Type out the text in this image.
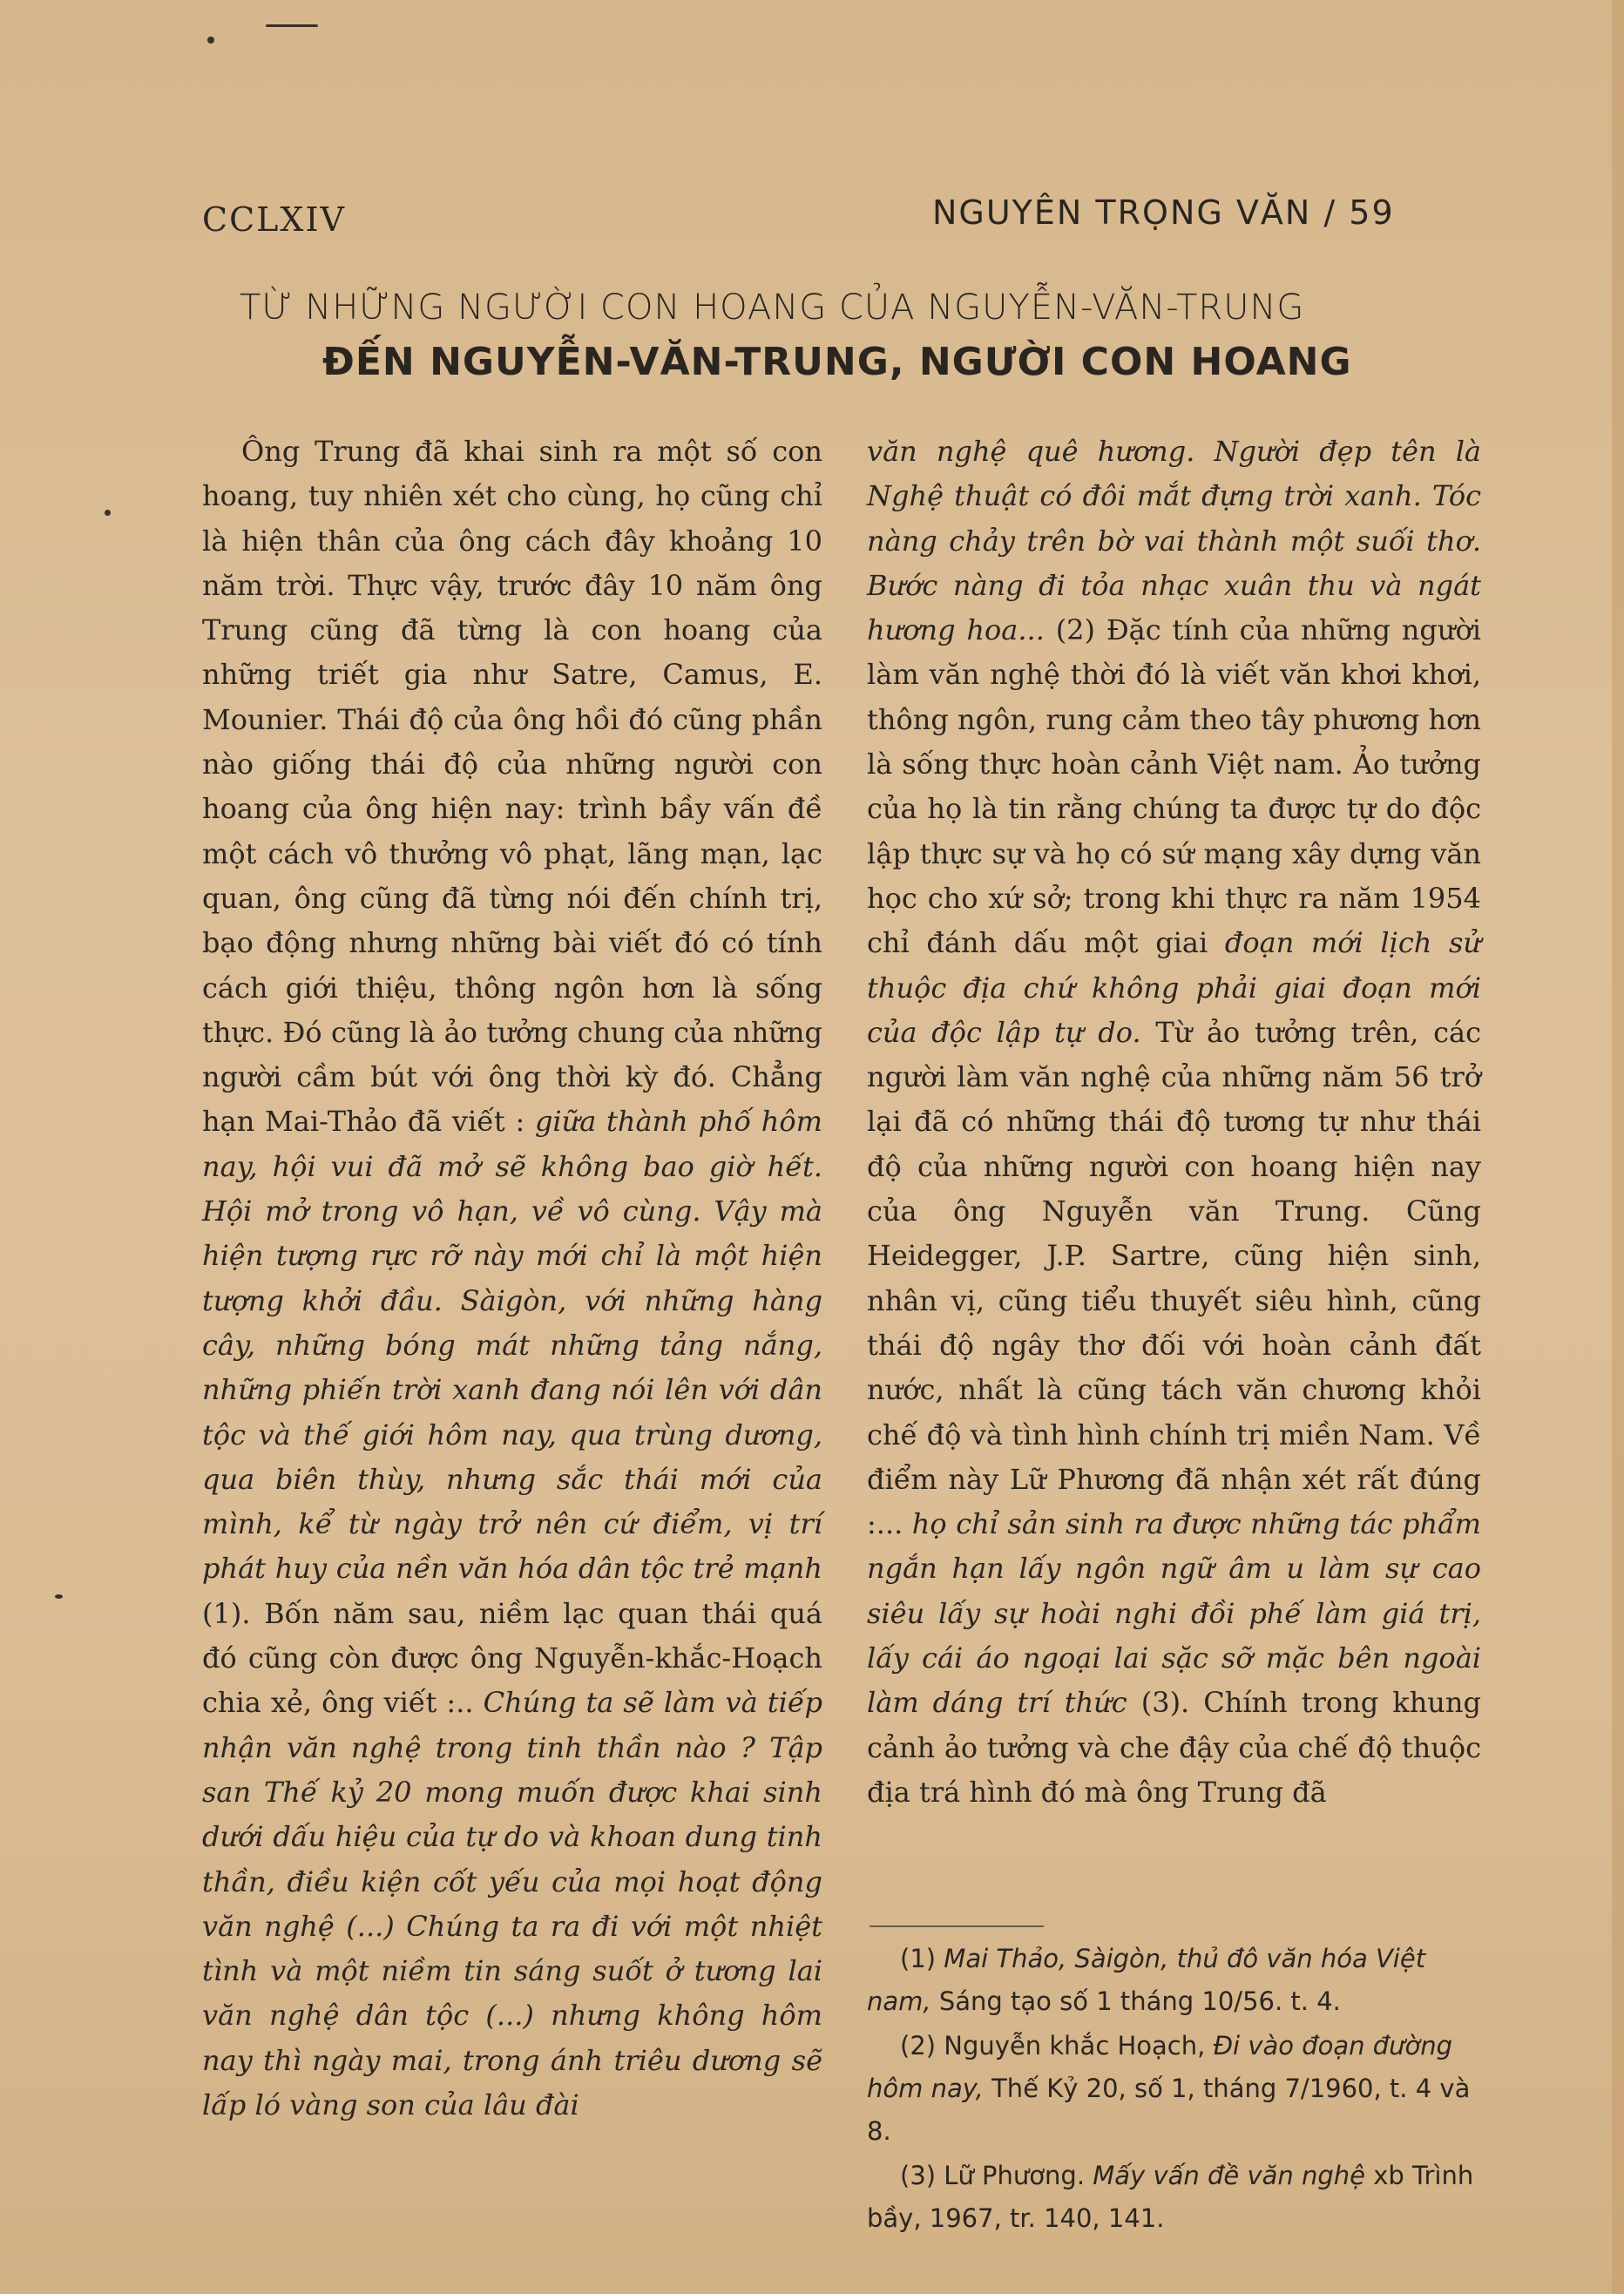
CCLXIV	NGUYÊN TRỌNG VĂN / 59
TỪ NHỮNG NGƯỜI CON HOANG CỦA NGUYỄN-VĂN-TRUNG
ĐẾN NGUYỄN-VĂN-TRUNG, NGƯỜI CON HOANG

Ông Trung đã khai sinh ra một số con hoang, tuy nhiên xét cho cùng, họ cũng chỉ là hiện thân của ông cách đây khoảng 10 năm trời. Thực vậy, trước đây 10 năm ông Trung cũng đã từng là con hoang của những triết gia như Satre, Camus, E. Mounier. Thái độ của ông hồi đó cũng phần nào giống thái độ của những người con hoang của ông hiện nay: trình bầy vấn đề một cách vô thưởng vô phạt, lãng mạn, lạc quan, ông cũng đã từng nói đến chính trị, bạo động nhưng những bài viết đó có tính cách giới thiệu, thông ngôn hơn là sống thực. Đó cũng là ảo tưởng chung của những người cầm bút với ông thời kỳ đó. Chẳng hạn Mai-Thảo đã viết : giữa thành phố hôm nay, hội vui đã mở sẽ không bao giờ hết. Hội mở trong vô hạn, về vô cùng. Vậy mà hiện tượng rực rỡ này mới chỉ là một hiện tượng khởi đầu. Sàigòn, với những hàng cây, những bóng mát những tảng nắng, những phiến trời xanh đang nói lên với dân tộc và thế giới hôm nay, qua trùng dương, qua biên thùy, nhưng sắc thái mới của mình, kể từ ngày trở nên cứ điểm, vị trí phát huy của nền văn hóa dân tộc trẻ mạnh (1). Bốn năm sau, niềm lạc quan thái quá đó cũng còn được ông Nguyễn-khắc-Hoạch chia xẻ, ông viết :.. Chúng ta sẽ làm và tiếp nhận văn nghệ trong tinh thần nào ? Tập san Thế kỷ 20 mong muốn được khai sinh dưới dấu hiệu của tự do và khoan dung tinh thần, điều kiện cốt yếu của mọi hoạt động văn nghệ (...) Chúng ta ra đi với một nhiệt tình và một niềm tin sáng suốt ở tương lai văn nghệ dân tộc (...) nhưng không hôm nay thì ngày mai, trong ánh triêu dương sẽ lấp ló vàng son của lâu đài

văn nghệ quê hương. Người đẹp tên là Nghệ thuật có đôi mắt đựng trời xanh. Tóc nàng chảy trên bờ vai thành một suối thơ. Bước nàng đi tỏa nhạc xuân thu và ngát hương hoa... (2) Đặc tính của những người làm văn nghệ thời đó là viết văn khơi khơi, thông ngôn, rung cảm theo tây phương hơn là sống thực hoàn cảnh Việt nam. Ảo tưởng của họ là tin rằng chúng ta được tự do độc lập thực sự và họ có sứ mạng xây dựng văn học cho xứ sở; trong khi thực ra năm 1954 chỉ đánh dấu một giai đoạn mới lịch sử thuộc địa chứ không phải giai đoạn mới của độc lập tự do. Từ ảo tưởng trên, các người làm văn nghệ của những năm 56 trở lại đã có những thái độ tương tự như thái độ của những người con hoang hiện nay của ông Nguyễn văn Trung. Cũng Heidegger, J.P. Sartre, cũng hiện sinh, nhân vị, cũng tiểu thuyết siêu hình, cũng thái độ ngây thơ đối với hoàn cảnh đất nước, nhất là cũng tách văn chương khỏi chế độ và tình hình chính trị miền Nam. Về điểm này Lữ Phương đã nhận xét rất đúng :... họ chỉ sản sinh ra được những tác phẩm ngắn hạn lấy ngôn ngữ âm u làm sự cao siêu lấy sự hoài nghi đồi phế làm giá trị, lấy cái áo ngoại lai sặc sỡ mặc bên ngoài làm dáng trí thức (3). Chính trong khung cảnh ảo tưởng và che đậy của chế độ thuộc địa trá hình đó mà ông Trung đã

(1) Mai Thảo, Sàigòn, thủ đô văn hóa Việt nam, Sáng tạo số 1 tháng 10/56. t. 4.

(2) Nguyễn khắc Hoạch, Đi vào đoạn đường hôm nay, Thế Kỷ 20, số 1, tháng 7/1960, t. 4 và 8.

(3) Lữ Phương. Mấy vấn đề văn nghệ xb Trình bầy, 1967, tr. 140, 141.
